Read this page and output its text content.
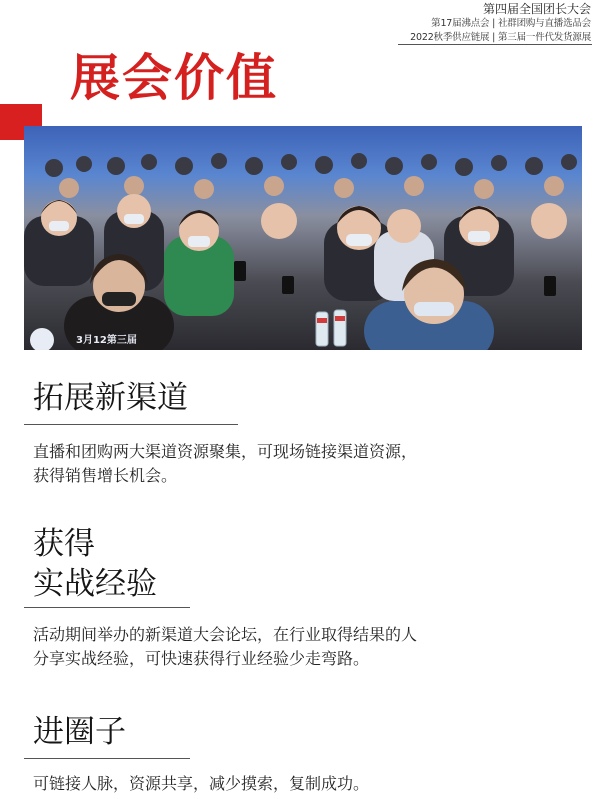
第四届全国团长大会
第17届沸点会 | 社群团购与直播选品会
2022秋季供应链展 | 第三届一件代发货源展
展会价值
3月12第三届
拓展新渠道

直播和团购两大渠道资源聚集，可现场链接渠道资源，
获得销售增长机会。

获得
实战经验

活动期间举办的新渠道大会论坛，在行业取得结果的人
分享实战经验，可快速获得行业经验少走弯路。

进圈子

可链接人脉，资源共享，减少摸索，复制成功。
